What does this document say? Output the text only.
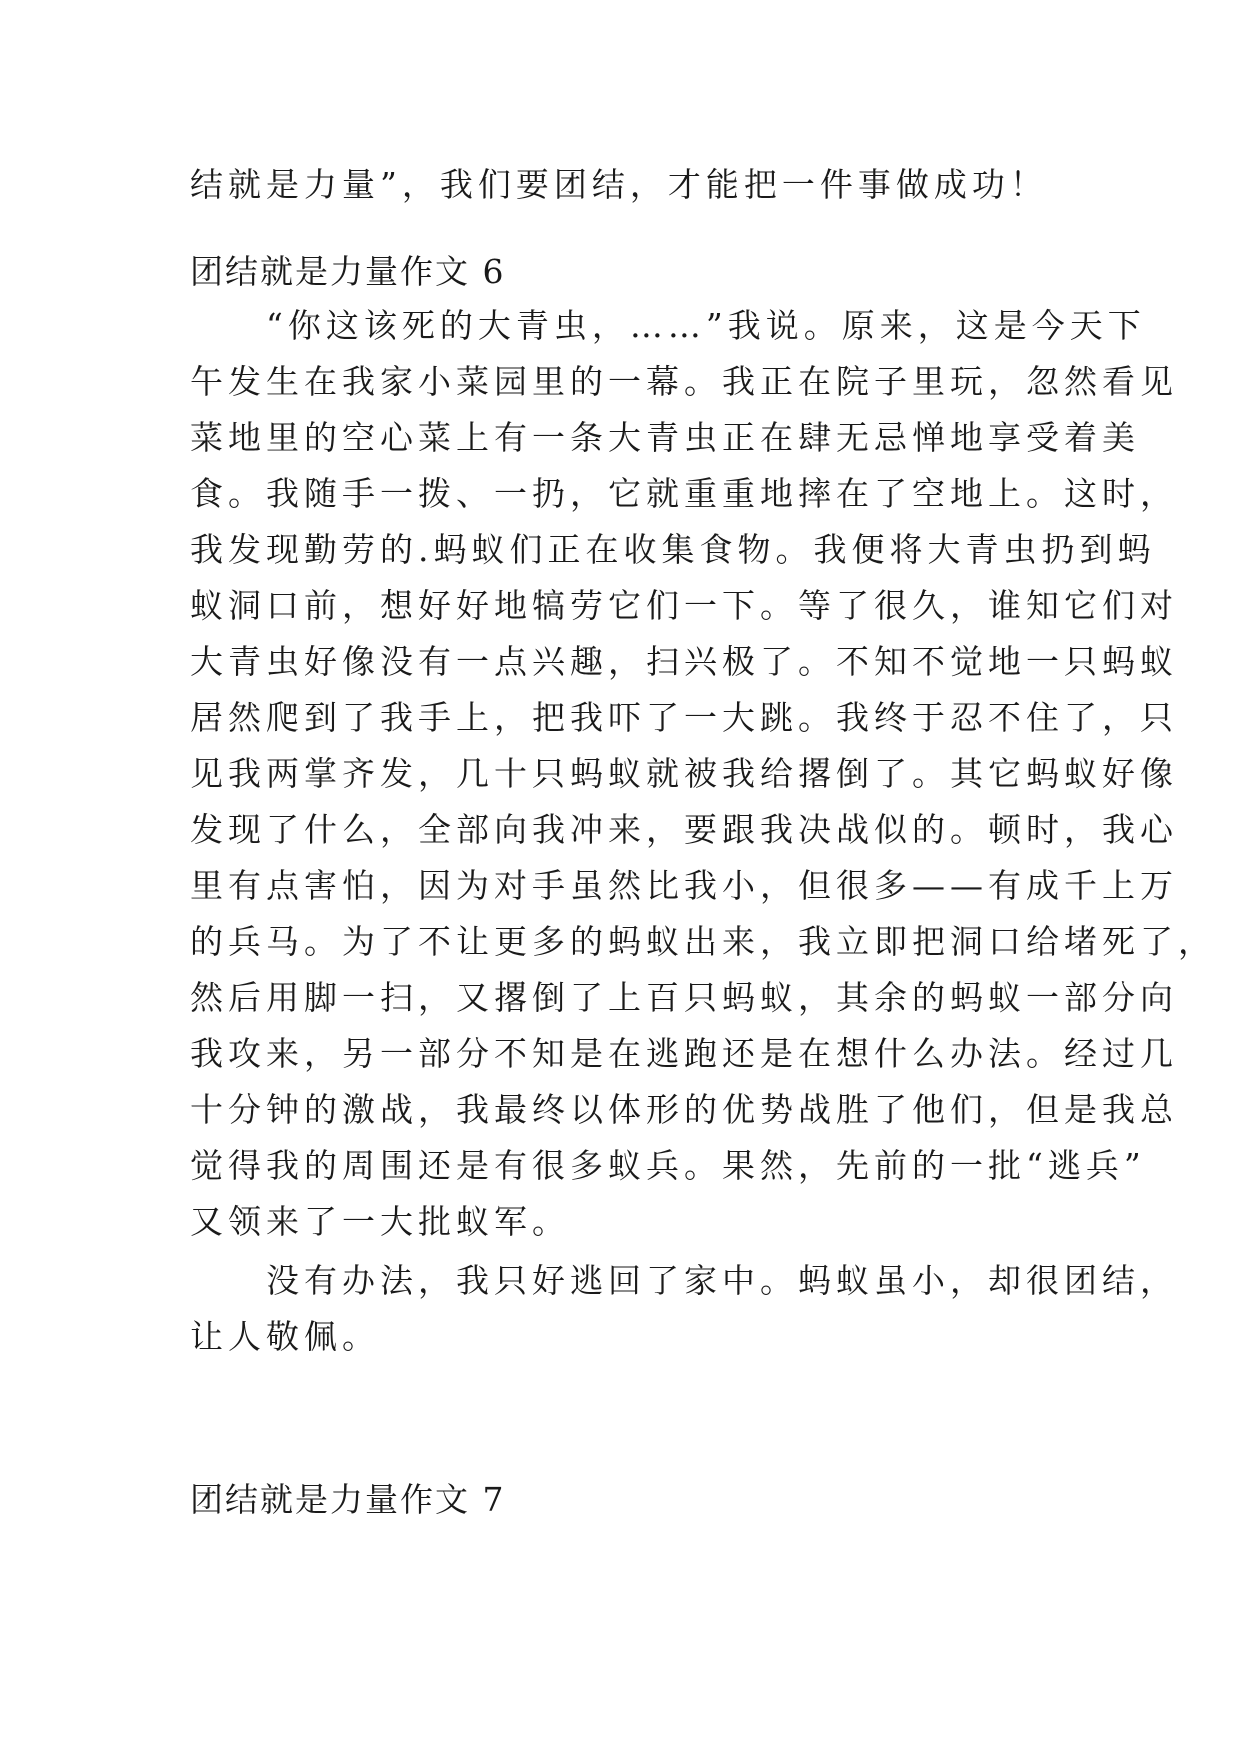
结就是力量”，我们要团结，才能把一件事做成功！
团结就是力量作文 6
　　“你这该死的大青虫，……”我说。原来，这是今天下
午发生在我家小菜园里的一幕。我正在院子里玩，忽然看见
菜地里的空心菜上有一条大青虫正在肆无忌惮地享受着美
食。我随手一拨、一扔，它就重重地摔在了空地上。这时，
我发现勤劳的.蚂蚁们正在收集食物。我便将大青虫扔到蚂
蚁洞口前，想好好地犒劳它们一下。等了很久，谁知它们对
大青虫好像没有一点兴趣，扫兴极了。不知不觉地一只蚂蚁
居然爬到了我手上，把我吓了一大跳。我终于忍不住了，只
见我两掌齐发，几十只蚂蚁就被我给撂倒了。其它蚂蚁好像
发现了什么，全部向我冲来，要跟我决战似的。顿时，我心
里有点害怕，因为对手虽然比我小，但很多——有成千上万
的兵马。为了不让更多的蚂蚁出来，我立即把洞口给堵死了，
然后用脚一扫，又撂倒了上百只蚂蚁，其余的蚂蚁一部分向
我攻来，另一部分不知是在逃跑还是在想什么办法。经过几
十分钟的激战，我最终以体形的优势战胜了他们，但是我总
觉得我的周围还是有很多蚁兵。果然，先前的一批“逃兵”
又领来了一大批蚁军。
　　没有办法，我只好逃回了家中。蚂蚁虽小，却很团结，
让人敬佩。
团结就是力量作文 7
